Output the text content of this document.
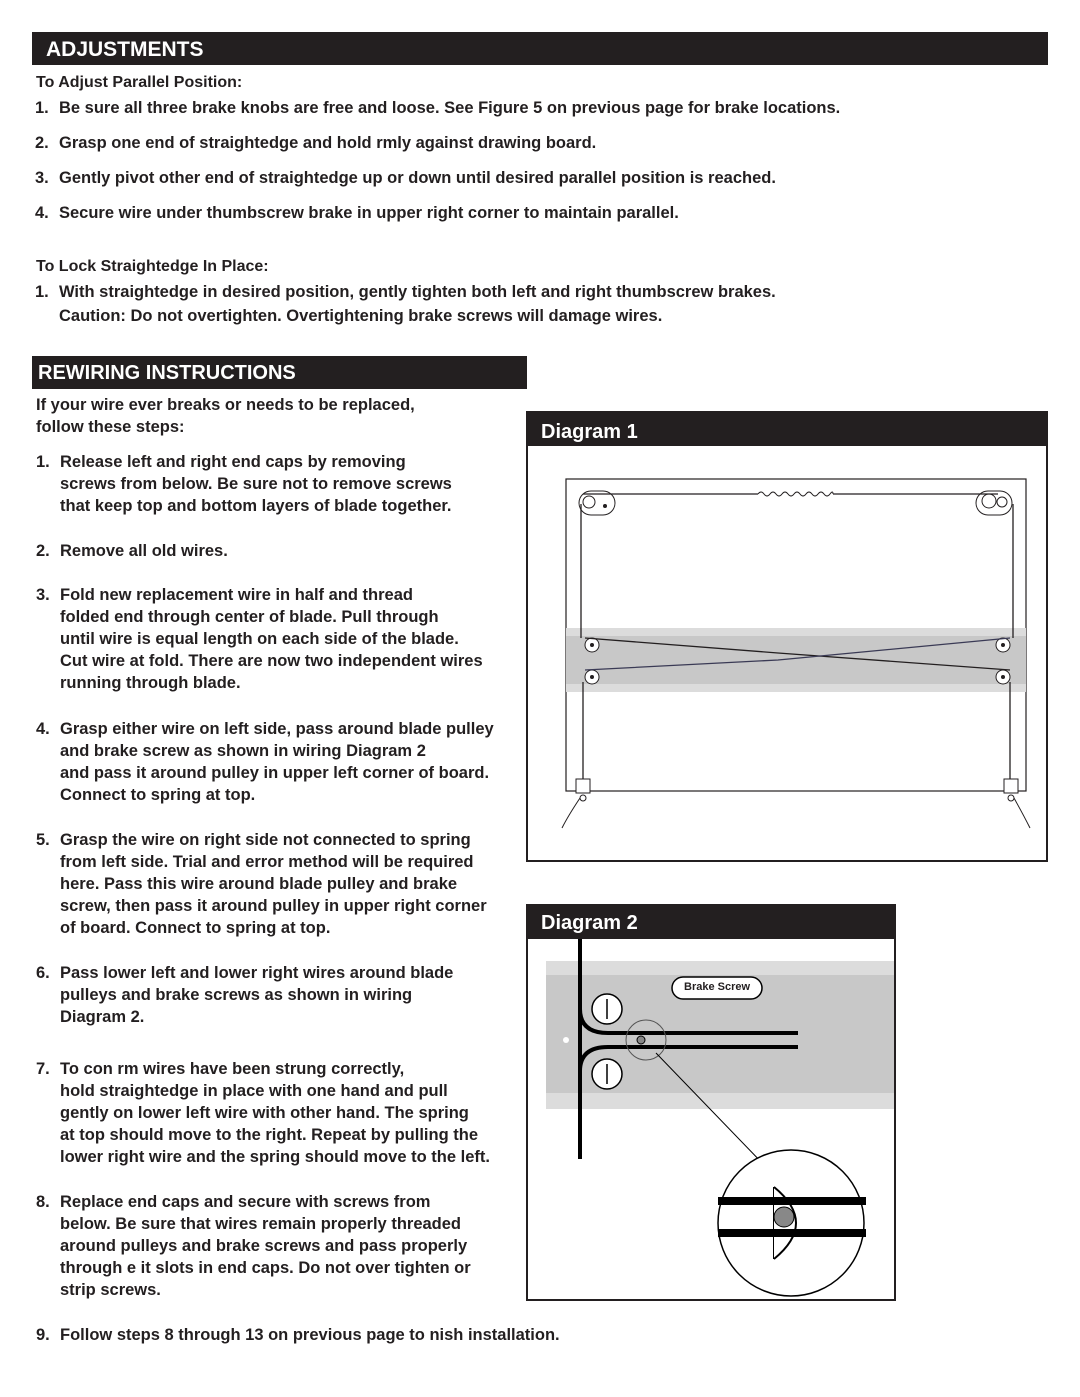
ADJUSTMENTS
To Adjust Parallel Position:
1. Be sure all three brake knobs are free and loose. See Figure 5 on previous page for brake locations.
2. Grasp one end of straightedge and hold rmly against drawing board.
3. Gently pivot other end of straightedge up or down until desired parallel position is reached.
4. Secure wire under thumbscrew brake in upper right corner to maintain parallel.
To Lock Straightedge In Place:
1. With straightedge in desired position, gently tighten both left and right thumbscrew brakes.
Caution: Do not overtighten. Overtightening brake screws will damage wires.
REWIRING INSTRUCTIONS
If your wire ever breaks or needs to be replaced,
follow these steps:
1. Release left and right end caps by removing
screws from below. Be sure not to remove screws
that keep top and bottom layers of blade together.
2. Remove all old wires.
3. Fold new replacement wire in half and thread
folded end through center of blade. Pull through
until wire is equal length on each side of the blade.
Cut wire at fold. There are now two independent wires
running through blade.
4. Grasp either wire on left side, pass around blade pulley
and brake screw as shown in wiring Diagram 2
and pass it around pulley in upper left corner of board.
Connect to spring at top.
5. Grasp the wire on right side not connected to spring
from left side. Trial and error method will be required
here. Pass this wire around blade pulley and brake
screw, then pass it around pulley in upper right corner
of board. Connect to spring at top.
6. Pass lower left and lower right wires around blade
pulleys and brake screws as shown in wiring
Diagram 2.
7. To con rm wires have been strung correctly,
hold straightedge in place with one hand and pull
gently on lower left wire with other hand. The spring
at top should move to the right. Repeat by pulling the
lower right wire and the spring should move to the left.
8. Replace end caps and secure with screws from
below. Be sure that wires remain properly threaded
around pulleys and brake screws and pass properly
through e it slots in end caps. Do not over tighten or
strip screws.
9. Follow steps 8 through 13 on previous page to nish installation.
Diagram 1
Diagram 2
Brake Screw
